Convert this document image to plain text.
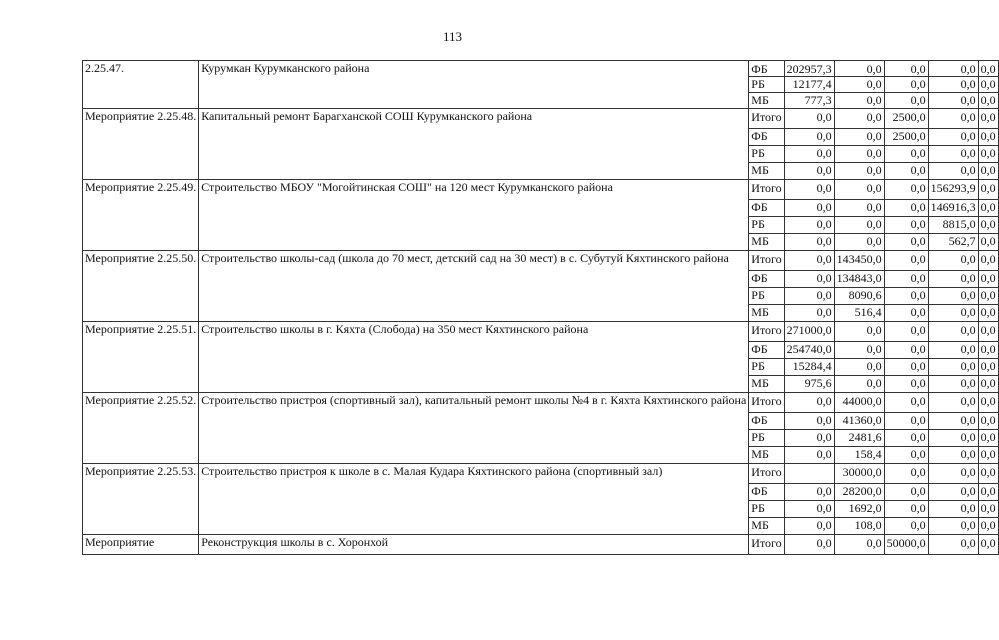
113
2.25.47.	Курумкан Курумканского района	ФБ	202957,3	0,0	0,0	0,0	0,0
		РБ	12177,4	0,0	0,0	0,0	0,0
		МБ	777,3	0,0	0,0	0,0	0,0
Мероприятие 2.25.48.	Капитальный ремонт Барагханской СОШ Курумканского района	Итого	0,0	0,0	2500,0	0,0	0,0
		ФБ	0,0	0,0	2500,0	0,0	0,0
		РБ	0,0	0,0	0,0	0,0	0,0
		МБ	0,0	0,0	0,0	0,0	0,0
Мероприятие 2.25.49.	Строительство МБОУ "Могойтинская СОШ" на 120 мест Курумканского района	Итого	0,0	0,0	0,0	156293,9	0,0
		ФБ	0,0	0,0	0,0	146916,3	0,0
		РБ	0,0	0,0	0,0	8815,0	0,0
		МБ	0,0	0,0	0,0	562,7	0,0
Мероприятие 2.25.50.	Строительство школы-сад (школа до 70 мест, детский сад на 30 мест) в с. Субутуй Кяхтинского района	Итого	0,0	143450,0	0,0	0,0	0,0
		ФБ	0,0	134843,0	0,0	0,0	0,0
		РБ	0,0	8090,6	0,0	0,0	0,0
		МБ	0,0	516,4	0,0	0,0	0,0
Мероприятие 2.25.51.	Строительство школы в г. Кяхта (Слобода) на 350 мест Кяхтинского района	Итого	271000,0	0,0	0,0	0,0	0,0
		ФБ	254740,0	0,0	0,0	0,0	0,0
		РБ	15284,4	0,0	0,0	0,0	0,0
		МБ	975,6	0,0	0,0	0,0	0,0
Мероприятие 2.25.52.	Строительство пристроя (спортивный зал), капитальный ремонт школы №4 в г. Кяхта Кяхтинского района	Итого	0,0	44000,0	0,0	0,0	0,0
		ФБ	0,0	41360,0	0,0	0,0	0,0
		РБ	0,0	2481,6	0,0	0,0	0,0
		МБ	0,0	158,4	0,0	0,0	0,0
Мероприятие 2.25.53.	Строительство пристроя к школе в с. Малая Кудара Кяхтинского района (спортивный зал)	Итого		30000,0	0,0	0,0	0,0
		ФБ	0,0	28200,0	0,0	0,0	0,0
		РБ	0,0	1692,0	0,0	0,0	0,0
		МБ	0,0	108,0	0,0	0,0	0,0
Мероприятие	Реконструкция школы в с. Хоронхой	Итого	0,0	0,0	50000,0	0,0	0,0
